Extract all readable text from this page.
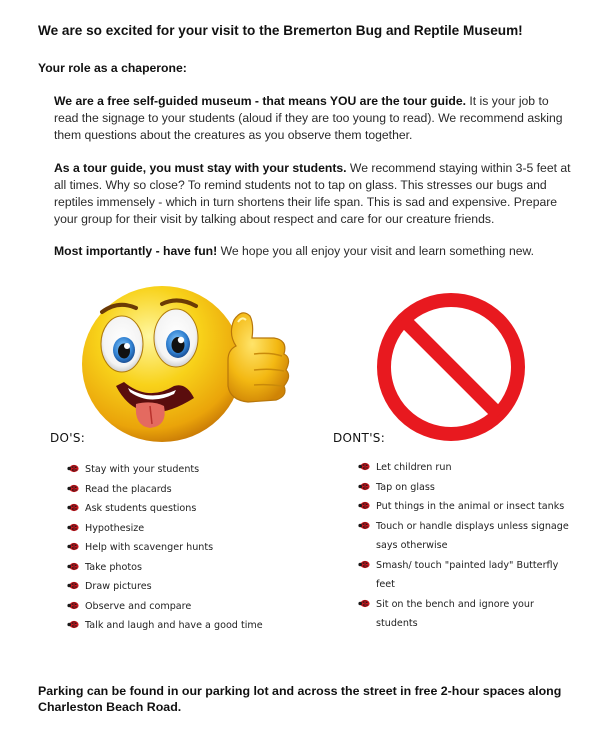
We are so excited for your visit to the Bremerton Bug and Reptile Museum!
Your role as a chaperone:

We are a free self-guided museum - that means YOU are the tour guide. It is your job to read the signage to your students (aloud if they are too young to read). We recommend asking them questions about the creatures as you observe them together.

As a tour guide, you must stay with your students. We recommend staying within 3-5 feet at all times. Why so close? To remind students not to tap on glass. This stresses our bugs and reptiles immensely - which in turn shortens their life span. This is sad and expensive. Prepare your group for their visit by talking about respect and care for our creature friends.

Most importantly - have fun! We hope you all enjoy your visit and learn something new.

DO'S:	DONT'S:
Stay with your students
Read the placards
Ask students questions
Hypothesize
Help with scavenger hunts
Take photos
Draw pictures
Observe and compare
Talk and laugh and have a good time
Let children run
Tap on glass
Put things in the animal or insect tanks
Touch or handle displays unless signage
says otherwise
Smash/ touch "painted lady" Butterfly
feet
Sit on the bench and ignore your
students
Parking can be found in our parking lot and across the street in free 2-hour spaces along Charleston Beach Road.
